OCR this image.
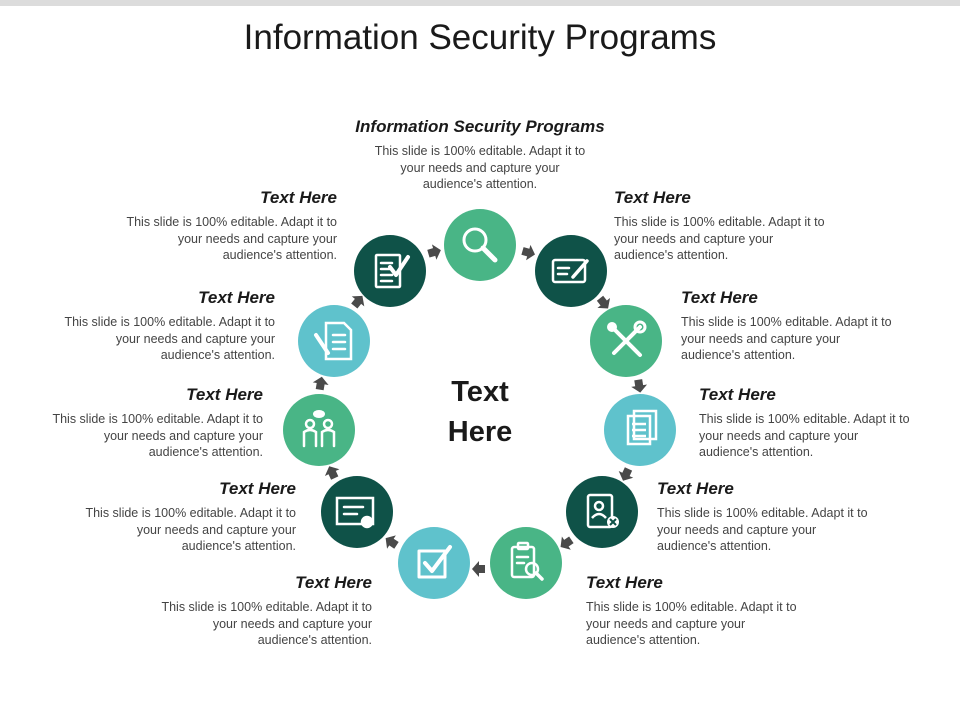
Information Security Programs
Text
Here
Information Security Programs
This slide is 100% editable. Adapt it to your needs and capture your audience's attention.
Text Here
This slide is 100% editable. Adapt it to your needs and capture your audience's attention.
Text Here
This slide is 100% editable. Adapt it to your needs and capture your audience's attention.
Text Here
This slide is 100% editable. Adapt it to your needs and capture your audience's attention.
Text Here
This slide is 100% editable. Adapt it to your needs and capture your audience's attention.
Text Here
This slide is 100% editable. Adapt it to your needs and capture your audience's attention.
Text Here
This slide is 100% editable. Adapt it to your needs and capture your audience's attention.
Text Here
This slide is 100% editable. Adapt it to your needs and capture your audience's attention.
Text Here
This slide is 100% editable. Adapt it to your needs and capture your audience's attention.
Text Here
This slide is 100% editable. Adapt it to your needs and capture your audience's attention.
Text Here
This slide is 100% editable. Adapt it to your needs and capture your audience's attention.
